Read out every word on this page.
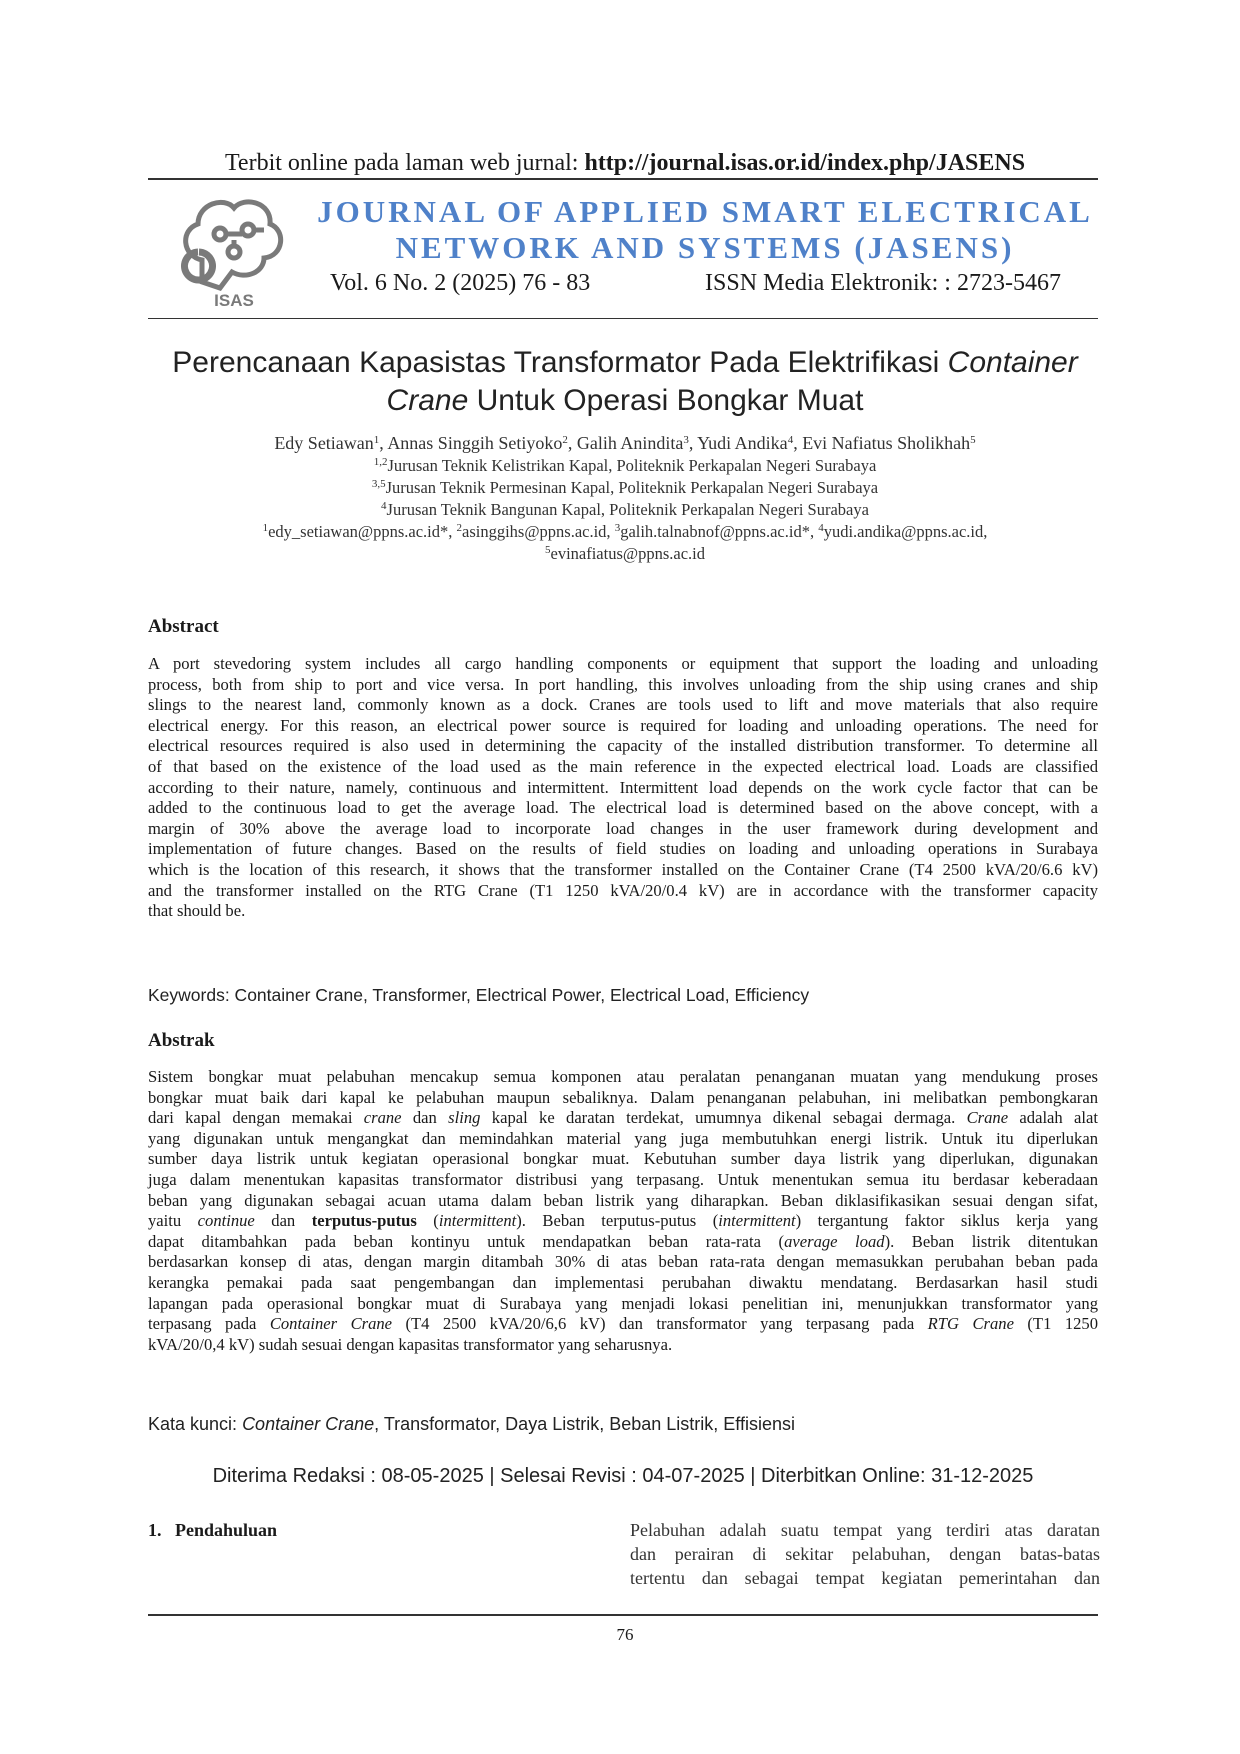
Terbit online pada laman web jurnal: http://journal.isas.or.id/index.php/JASENS
ISAS
JOURNAL OF APPLIED SMART ELECTRICAL
NETWORK AND SYSTEMS (JASENS)
Vol. 6 No. 2 (2025) 76 - 83	ISSN Media Elektronik: : 2723-5467
Perencanaan Kapasistas Transformator Pada Elektrifikasi Container
Crane Untuk Operasi Bongkar Muat
Edy Setiawan$^1$, Annas Singgih Setiyoko$^2$, Galih Anindita$^3$, Yudi Andika$^4$, Evi Nafiatus Sholikhah$^5$
$^{1,2}$Jurusan Teknik Kelistrikan Kapal, Politeknik Perkapalan Negeri Surabaya
$^{3,5}$Jurusan Teknik Permesinan Kapal, Politeknik Perkapalan Negeri Surabaya
$^4$Jurusan Teknik Bangunan Kapal, Politeknik Perkapalan Negeri Surabaya
$^1$edy_setiawan@ppns.ac.id*, $^2$asinggihs@ppns.ac.id, $^3$galih.talnabnof@ppns.ac.id*, $^4$yudi.andika@ppns.ac.id,
$^5$evinafiatus@ppns.ac.id
Abstract
A port stevedoring system includes all cargo handling components or equipment that support the loading and unloading
process, both from ship to port and vice versa. In port handling, this involves unloading from the ship using cranes and ship
slings to the nearest land, commonly known as a dock. Cranes are tools used to lift and move materials that also require
electrical energy. For this reason, an electrical power source is required for loading and unloading operations. The need for
electrical resources required is also used in determining the capacity of the installed distribution transformer. To determine all
of that based on the existence of the load used as the main reference in the expected electrical load. Loads are classified
according to their nature, namely, continuous and intermittent. Intermittent load depends on the work cycle factor that can be
added to the continuous load to get the average load. The electrical load is determined based on the above concept, with a
margin of 30% above the average load to incorporate load changes in the user framework during development and
implementation of future changes. Based on the results of field studies on loading and unloading operations in Surabaya
which is the location of this research, it shows that the transformer installed on the Container Crane (T4 2500 kVA/20/6.6 kV)
and the transformer installed on the RTG Crane (T1 1250 kVA/20/0.4 kV) are in accordance with the transformer capacity
that should be.
Keywords: Container Crane, Transformer, Electrical Power, Electrical Load, Efficiency
Abstrak
Sistem bongkar muat pelabuhan mencakup semua komponen atau peralatan penanganan muatan yang mendukung proses
bongkar muat baik dari kapal ke pelabuhan maupun sebaliknya. Dalam penanganan pelabuhan, ini melibatkan pembongkaran
dari kapal dengan memakai crane dan sling kapal ke daratan terdekat, umumnya dikenal sebagai dermaga. Crane adalah alat
yang digunakan untuk mengangkat dan memindahkan material yang juga membutuhkan energi listrik. Untuk itu diperlukan
sumber daya listrik untuk kegiatan operasional bongkar muat. Kebutuhan sumber daya listrik yang diperlukan, digunakan
juga dalam menentukan kapasitas transformator distribusi yang terpasang. Untuk menentukan semua itu berdasar keberadaan
beban yang digunakan sebagai acuan utama dalam beban listrik yang diharapkan. Beban diklasifikasikan sesuai dengan sifat,
yaitu continue dan terputus-putus (intermittent). Beban terputus-putus (intermittent) tergantung faktor siklus kerja yang
dapat ditambahkan pada beban kontinyu untuk mendapatkan beban rata-rata (average load). Beban listrik ditentukan
berdasarkan konsep di atas, dengan margin ditambah 30% di atas beban rata-rata dengan memasukkan perubahan beban pada
kerangka pemakai pada saat pengembangan dan implementasi perubahan diwaktu mendatang. Berdasarkan hasil studi
lapangan pada operasional bongkar muat di Surabaya yang menjadi lokasi penelitian ini, menunjukkan transformator yang
terpasang pada Container Crane (T4 2500 kVA/20/6,6 kV) dan transformator yang terpasang pada RTG Crane (T1 1250
kVA/20/0,4 kV) sudah sesuai dengan kapasitas transformator yang seharusnya.
Kata kunci: Container Crane, Transformator, Daya Listrik, Beban Listrik, Effisiensi
Diterima Redaksi : 08-05-2025 | Selesai Revisi : 04-07-2025 | Diterbitkan Online: 31-12-2025
1.   Pendahuluan	Pelabuhan adalah suatu tempat yang terdiri atas daratan
dan perairan di sekitar pelabuhan, dengan batas-batas
tertentu dan sebagai tempat kegiatan pemerintahan dan
76
